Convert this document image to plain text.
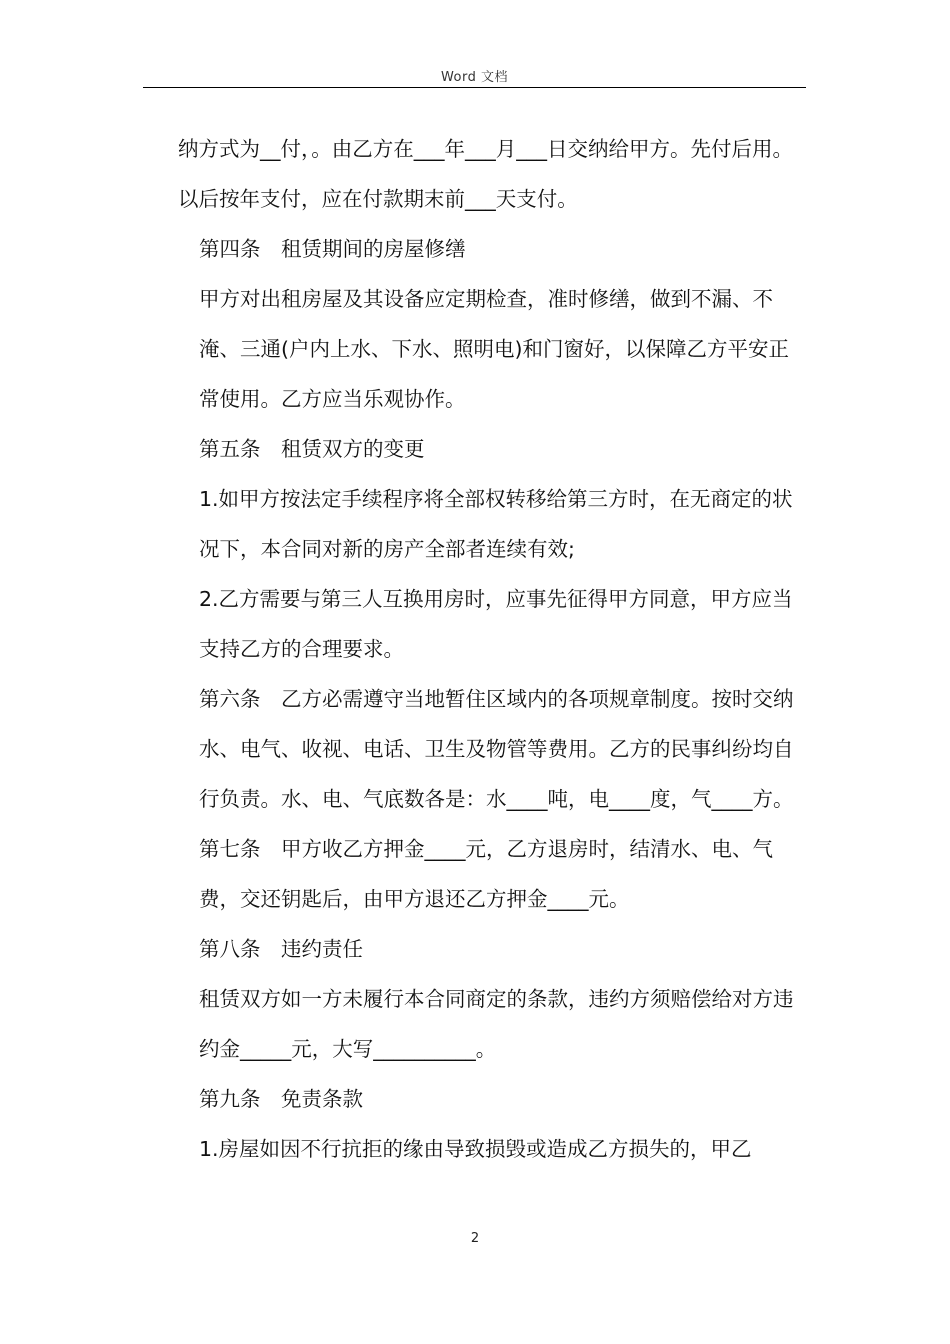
Word 文档

纳方式为__付，。由乙方在___年___月___日交纳给甲方。先付后用。以后按年支付，应在付款期末前___天支付。

第四条　租赁期间的房屋修缮

甲方对出租房屋及其设备应定期检查，准时修缮，做到不漏、不淹、三通(户内上水、下水、照明电)和门窗好，以保障乙方平安正常使用。乙方应当乐观协作。

第五条　租赁双方的变更

1.如甲方按法定手续程序将全部权转移给第三方时，在无商定的状况下，本合同对新的房产全部者连续有效;

2.乙方需要与第三人互换用房时，应事先征得甲方同意，甲方应当支持乙方的合理要求。

第六条　乙方必需遵守当地暂住区域内的各项规章制度。按时交纳水、电气、收视、电话、卫生及物管等费用。乙方的民事纠纷均自行负责。水、电、气底数各是：水____吨，电____度，气____方。

第七条　甲方收乙方押金____元，乙方退房时，结清水、电、气费，交还钥匙后，由甲方退还乙方押金____元。

第八条　违约责任

租赁双方如一方未履行本合同商定的条款，违约方须赔偿给对方违约金_____元，大写__________。

第九条　免责条款

1.房屋如因不行抗拒的缘由导致损毁或造成乙方损失的，甲乙

2
